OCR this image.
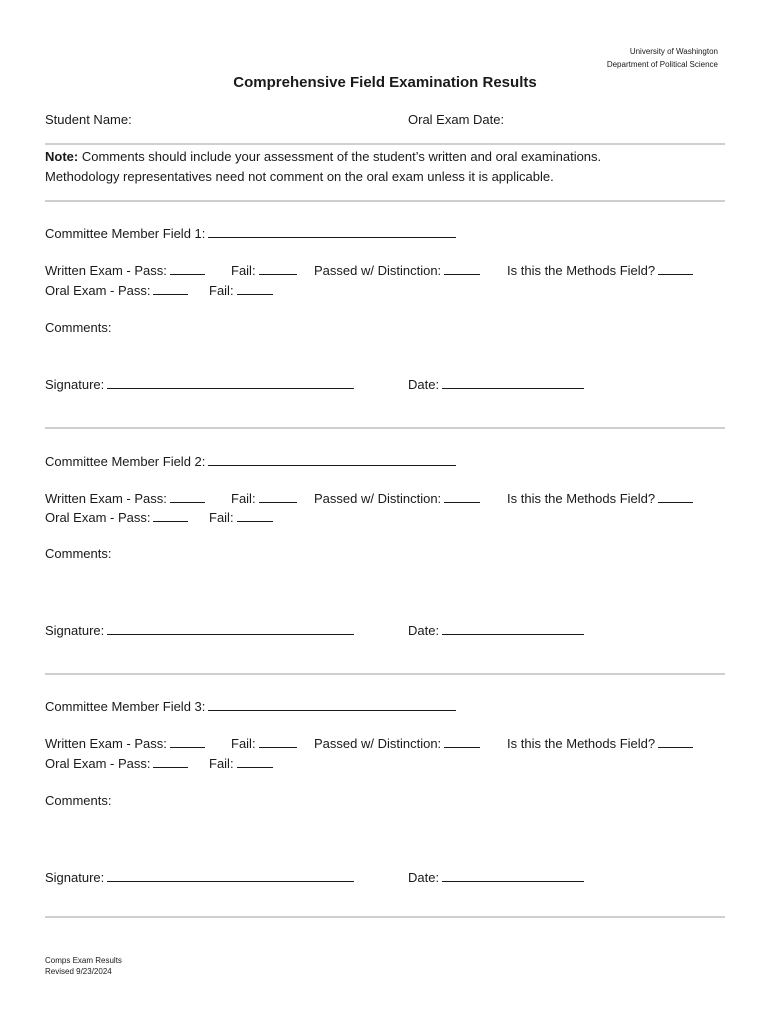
University of Washington
Department of Political Science
Comprehensive Field Examination Results
Student Name:	Oral Exam Date:
Note: Comments should include your assessment of the student’s written and oral examinations.
Methodology representatives need not comment on the oral exam unless it is applicable.
Committee Member Field 1:
Written Exam - Pass:	Fail:	Passed w/ Distinction:	Is this the Methods Field?
Oral Exam - Pass:	Fail:
Comments:
Signature:	Date:
Committee Member Field 2:
Written Exam - Pass:	Fail:	Passed w/ Distinction:	Is this the Methods Field?
Oral Exam - Pass:	Fail:
Comments:
Signature:	Date:
Committee Member Field 3:
Written Exam - Pass:	Fail:	Passed w/ Distinction:	Is this the Methods Field?
Oral Exam - Pass:	Fail:
Comments:
Signature:	Date:
Comps Exam Results
Revised 9/23/2024
